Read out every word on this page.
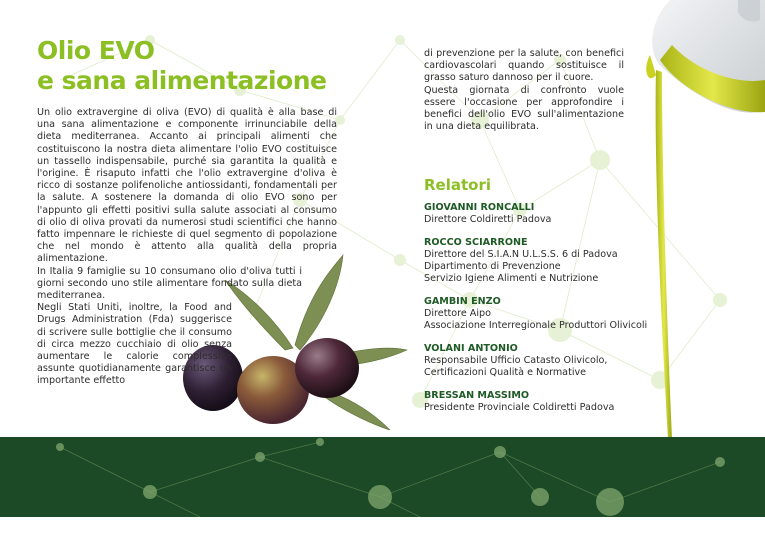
Olio EVO
e sana alimentazione

Un olio extravergine di oliva (EVO) di qualità è alla base di una sana alimentazione e componente irrinunciabile della dieta mediterranea. Accanto ai principali alimenti che costituiscono la nostra dieta alimentare l'olio EVO costituisce un tassello indispensabile, purché sia garantita la qualità e l'origine. È risaputo infatti che l'olio extravergine d'oliva è ricco di sostanze polifenoliche antiossidanti, fondamentali per la salute. A sostenere la domanda di olio EVO sono per l'appunto gli effetti positivi sulla salute associati al consumo di olio di oliva provati da numerosi studi scientifici che hanno fatto impennare le richieste di quel segmento di popolazione che nel mondo è attento alla qualità della propria alimentazione.

In Italia 9 famiglie su 10 consumano olio d'oliva tutti i giorni secondo uno stile alimentare fondato sulla dieta mediterranea.

Negli Stati Uniti, inoltre, la Food and Drugs Administration (Fda) suggerisce di scrivere sulle bottiglie che il consumo di circa mezzo cucchiaio di olio senza aumentare le calorie complessive assunte quotidianamente garantisce un importante effetto

di prevenzione per la salute, con benefici cardiovascolari quando sostituisce il grasso saturo dannoso per il cuore.

Questa giornata di confronto vuole essere l'occasione per approfondire i benefici dell'olio EVO sull'alimentazione in una dieta equilibrata.

Relatori
GIOVANNI RONCALLI
Direttore Coldiretti Padova
ROCCO SCIARRONE
Direttore del S.I.A.N U.L.S.S. 6 di Padova
Dipartimento di Prevenzione
Servizio Igiene Alimenti e Nutrizione
GAMBIN ENZO
Direttore Aipo
Associazione Interregionale Produttori Olivicoli
VOLANI ANTONIO
Responsabile Ufficio Catasto Olivicolo,
Certificazioni Qualità e Normative
BRESSAN MASSIMO
Presidente Provinciale Coldiretti Padova
